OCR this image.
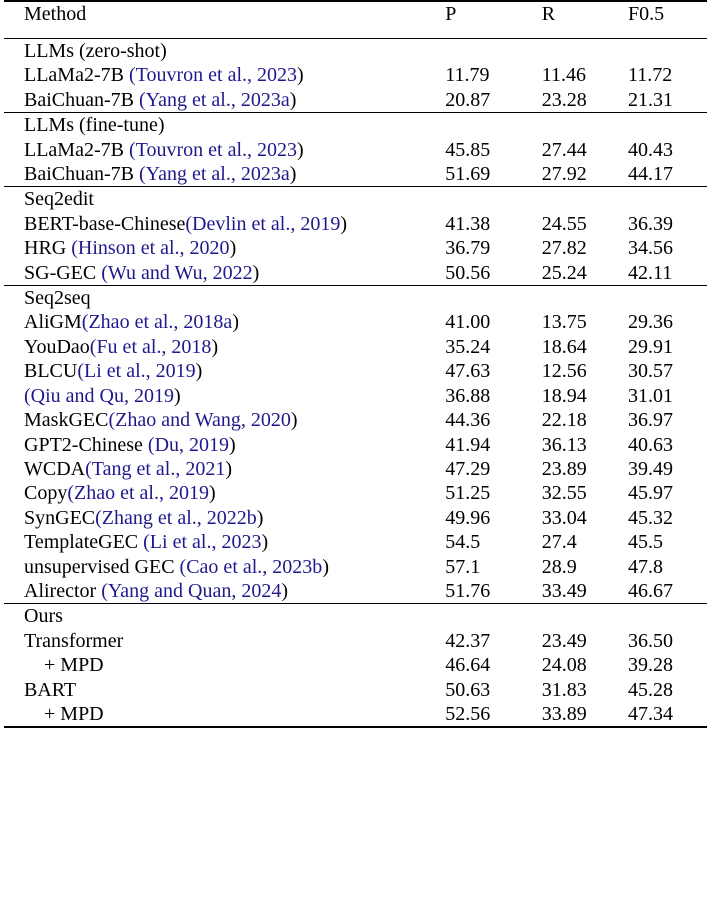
Method	P	R	F0.5
LLMs (zero-shot)			
LLaMa2-7B (Touvron et al., 2023)	11.79	11.46	11.72
BaiChuan-7B (Yang et al., 2023a)	20.87	23.28	21.31
LLMs (fine-tune)			
LLaMa2-7B (Touvron et al., 2023)	45.85	27.44	40.43
BaiChuan-7B (Yang et al., 2023a)	51.69	27.92	44.17
Seq2edit			
BERT-base-Chinese(Devlin et al., 2019)	41.38	24.55	36.39
HRG (Hinson et al., 2020)	36.79	27.82	34.56
SG-GEC (Wu and Wu, 2022)	50.56	25.24	42.11
Seq2seq			
AliGM(Zhao et al., 2018a)	41.00	13.75	29.36
YouDao(Fu et al., 2018)	35.24	18.64	29.91
BLCU(Li et al., 2019)	47.63	12.56	30.57
(Qiu and Qu, 2019)	36.88	18.94	31.01
MaskGEC(Zhao and Wang, 2020)	44.36	22.18	36.97
GPT2-Chinese (Du, 2019)	41.94	36.13	40.63
WCDA(Tang et al., 2021)	47.29	23.89	39.49
Copy(Zhao et al., 2019)	51.25	32.55	45.97
SynGEC(Zhang et al., 2022b)	49.96	33.04	45.32
TemplateGEC (Li et al., 2023)	54.5	27.4	45.5
unsupervised GEC (Cao et al., 2023b)	57.1	28.9	47.8
Alirector (Yang and Quan, 2024)	51.76	33.49	46.67
Ours			
Transformer	42.37	23.49	36.50
+ MPD	46.64	24.08	39.28
BART	50.63	31.83	45.28
+ MPD	52.56	33.89	47.34
